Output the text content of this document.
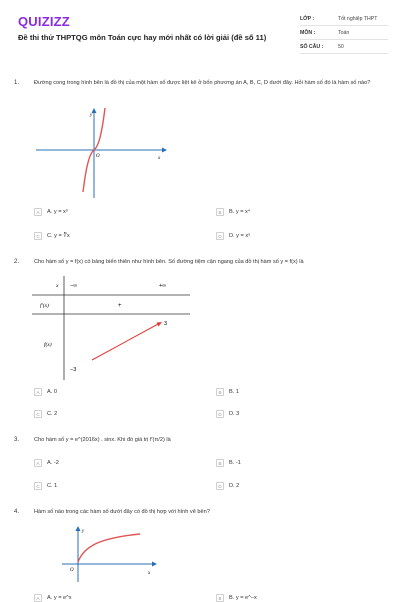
QUIZIZZ
Đề thi thử THPTQG môn Toán cực hay mới nhất có lời giải (đề số 11)
LỚP :	Tốt nghiệp THPT
MÔN :	Toán
SỐ CÂU :	50
1.	Đường cong trong hình bên là đồ thị của một hàm số được liệt kê ở bốn phương án A, B, C, D dưới đây. Hỏi hàm số đó là hàm số nào?
y
x
O
A	A. y = x³	B	B. y = x⁴
C	C. y = ∛x	D	D. y = x⁵
2.	Cho hàm số y = f(x) có bảng biến thiên như hình bên. Số đường tiệm cận ngang của đồ thị hàm số y = f(x) là
x −∞	+∞
f′(x)	+
f(x)
3
−3
A	A. 0	B	B. 1
C	C. 2	D	D. 3
3.	Cho hàm số y = e^(2016x) . sinx. Khi đó giá trị f′(π/2) là
A	A. -2	B	B. -1
C	C. 1	D	D. 2
4.	Hàm số nào trong các hàm số dưới đây có đồ thị hợp với hình vẽ bên?
y
x
O
A	A. y = e^x	B	B. y = e^−x
